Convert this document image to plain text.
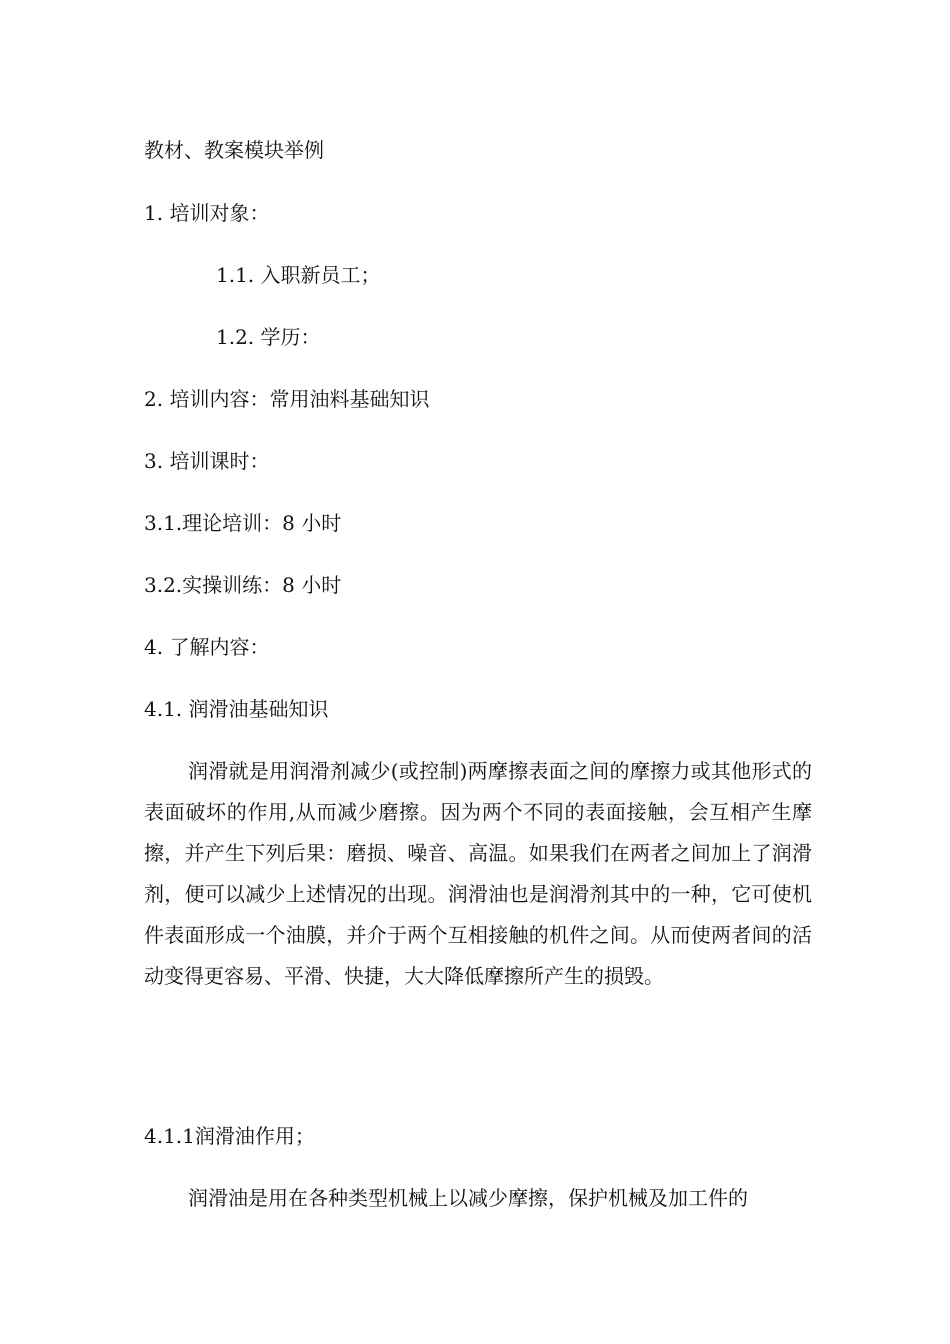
教材、教案模块举例
1. 培训对象：
1.1. 入职新员工；
1.2. 学历：
2. 培训内容：常用油料基础知识
3. 培训课时：
3.1.理论培训：8 小时
3.2.实操训练：8 小时
4. 了解内容：
4.1. 润滑油基础知识
润滑就是用润滑剂减少(或控制)两摩擦表面之间的摩擦力或其他形式的表面破坏的作用,从而减少磨擦。因为两个不同的表面接触，会互相产生摩擦，并产生下列后果：磨损、噪音、高温。如果我们在两者之间加上了润滑剂，便可以减少上述情况的出现。润滑油也是润滑剂其中的一种，它可使机件表面形成一个油膜，并介于两个互相接触的机件之间。从而使两者间的活动变得更容易、平滑、快捷，大大降低摩擦所产生的损毁。
4.1.1润滑油作用；
润滑油是用在各种类型机械上以减少摩擦，保护机械及加工件的
